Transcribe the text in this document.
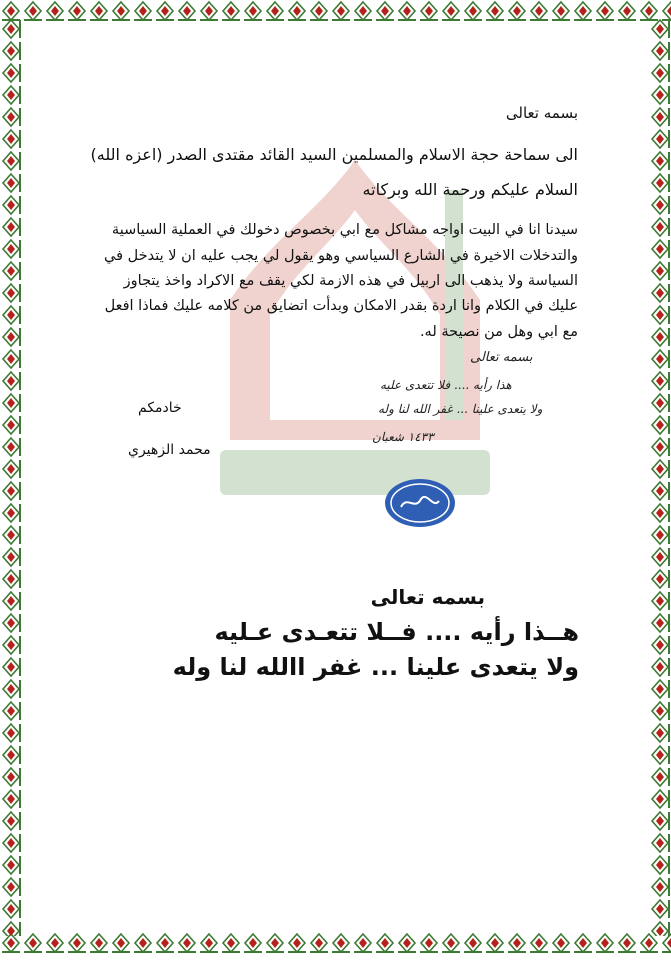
بسمه تعالى
الى سماحة حجة الاسلام والمسلمين السيد القائد مقتدى الصدر (اعزه الله)
السلام عليكم ورحمة الله وبركاته
سيدنا انا في البيت اواجه مشاكل مع ابي بخصوص دخولك في العملية السياسية
والتدخلات الاخيرة في الشارع السياسي وهو يقول لي يجب عليه ان لا يتدخل في
السياسة ولا يذهب الى اربيل في هذه الازمة لكي يقف مع الاكراد واخذ يتجاوز
عليك في الكلام وانا اردة بقدر الامكان وبدأت اتضايق من كلامه عليك فماذا افعل
مع ابي وهل من نصيحة له.
خادمكم
محمد الزهيري
بسمه تعالى
هذا رأيه .... فلا تتعدى عليه
ولا يتعدى علينا ... غفر الله لنا وله
١٤٣٣ شعبان
بسمه تعالى
هــذا رأيه .... فــلا تتعـدى عـليه
ولا يتعدى علينا ... غفر االله لنا وله
